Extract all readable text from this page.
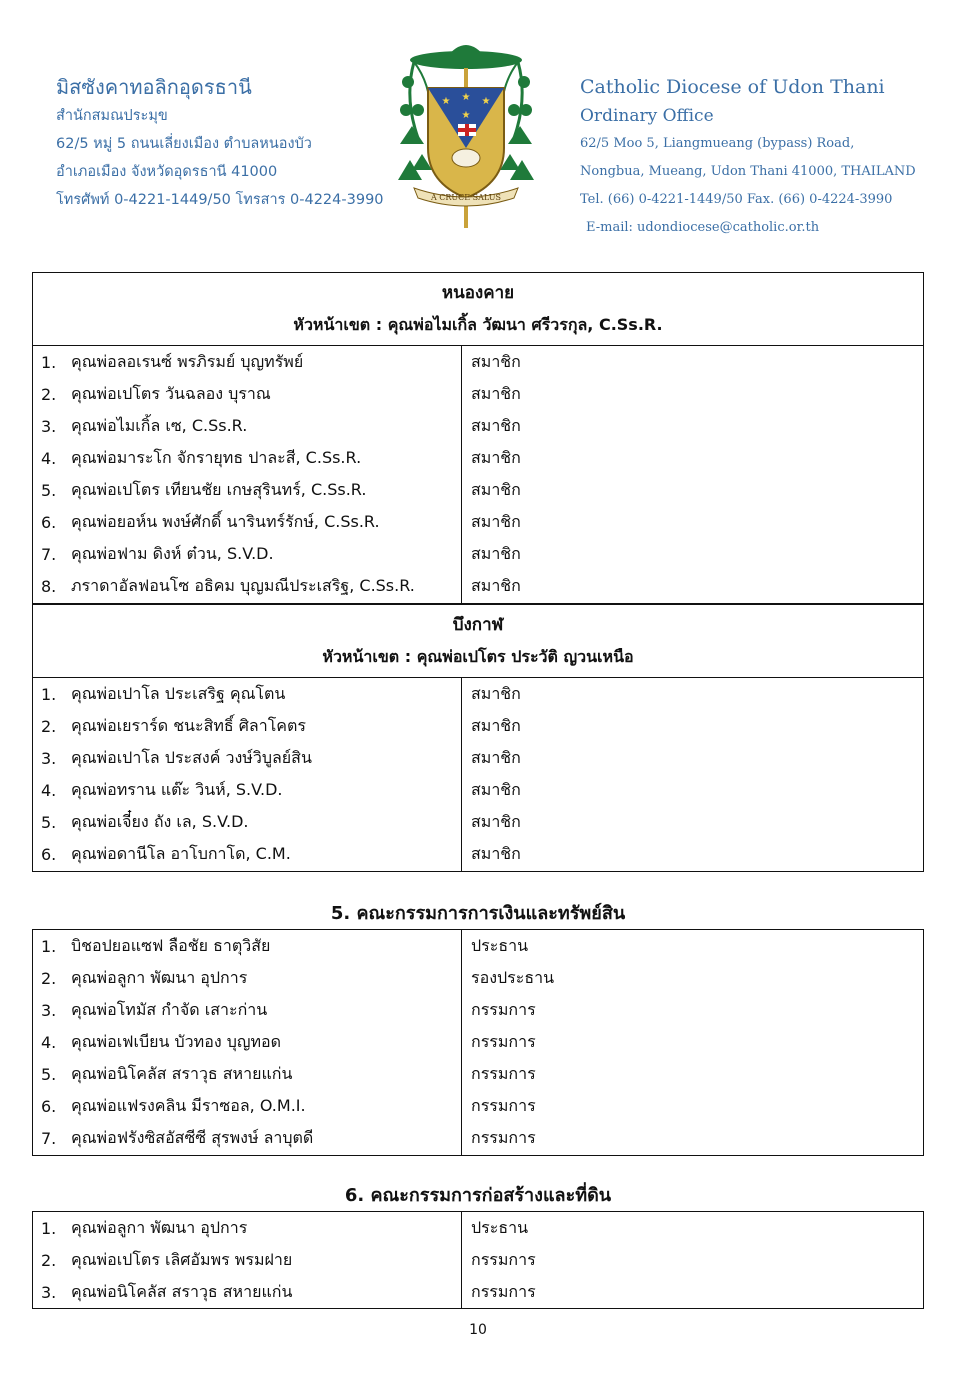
มิสซังคาทอลิกอุดรธานี
สำนักสมณประมุข
62/5 หมู่ 5 ถนนเลี่ยงเมือง ตำบลหนองบัว
อำเภอเมือง จังหวัดอุดรธานี 41000
โทรศัพท์ 0-4221-1449/50 โทรสาร 0-4224-3990
★ ★ ★
★
A CRUCE SALUS
Catholic Diocese of Udon Thani
Ordinary Office
62/5 Moo 5, Liangmueang (bypass) Road,
Nongbua, Mueang, Udon Thani 41000, THAILAND
Tel. (66) 0-4221-1449/50 Fax. (66) 0-4224-3990
E-mail: udondiocese@catholic.or.th
หนองคาย
หัวหน้าเขต : คุณพ่อไมเกิ้ล วัฒนา ศรีวรกุล, C.Ss.R.
1. คุณพ่อลอเรนซ์ พรภิรมย์ บุญทรัพย์	สมาชิก
2. คุณพ่อเปโตร วันฉลอง บุราณ	สมาชิก
3. คุณพ่อไมเกิ้ล เซ, C.Ss.R.	สมาชิก
4. คุณพ่อมาระโก จักรายุทธ ปาละสี, C.Ss.R.	สมาชิก
5. คุณพ่อเปโตร เทียนชัย เกษสุรินทร์, C.Ss.R.	สมาชิก
6. คุณพ่อยอห์น พงษ์ศักดิ์ นารินทร์รักษ์, C.Ss.R.	สมาชิก
7. คุณพ่อฟาม ดิงห์ ต๋วน, S.V.D.	สมาชิก
8. ภราดาอัลฟอนโซ อธิคม บุญมณีประเสริฐ, C.Ss.R.	สมาชิก
บึงกาฬ
หัวหน้าเขต : คุณพ่อเปโตร ประวัติ ญวนเหนือ
1. คุณพ่อเปาโล ประเสริฐ คุณโตน	สมาชิก
2. คุณพ่อเยราร์ด ชนะสิทธิ์ ศิลาโคตร	สมาชิก
3. คุณพ่อเปาโล ประสงค์ วงษ์วิบูลย์สิน	สมาชิก
4. คุณพ่อทราน แต๊ะ วินห์, S.V.D.	สมาชิก
5. คุณพ่อเจี๋ยง ถัง เล, S.V.D.	สมาชิก
6. คุณพ่อดานีโล อาโบกาโด, C.M.	สมาชิก
5. คณะกรรมการการเงินและทรัพย์สิน
1. บิชอปยอแซฟ ลือชัย ธาตุวิสัย	ประธาน
2. คุณพ่อลูกา พัฒนา อุปการ	รองประธาน
3. คุณพ่อโทมัส กำจัด เสาะก่าน	กรรมการ
4. คุณพ่อเฟเบียน บัวทอง บุญทอด	กรรมการ
5. คุณพ่อนิโคลัส สราวุธ สหายแก่น	กรรมการ
6. คุณพ่อแฟรงคลิน มีราซอล, O.M.I.	กรรมการ
7. คุณพ่อฟรังซิสอัสซีซี สุรพงษ์ ลาบุตดี	กรรมการ
6. คณะกรรมการก่อสร้างและที่ดิน
1. คุณพ่อลูกา พัฒนา อุปการ	ประธาน
2. คุณพ่อเปโตร เลิศอัมพร พรมฝาย	กรรมการ
3. คุณพ่อนิโคลัส สราวุธ สหายแก่น	กรรมการ
10
